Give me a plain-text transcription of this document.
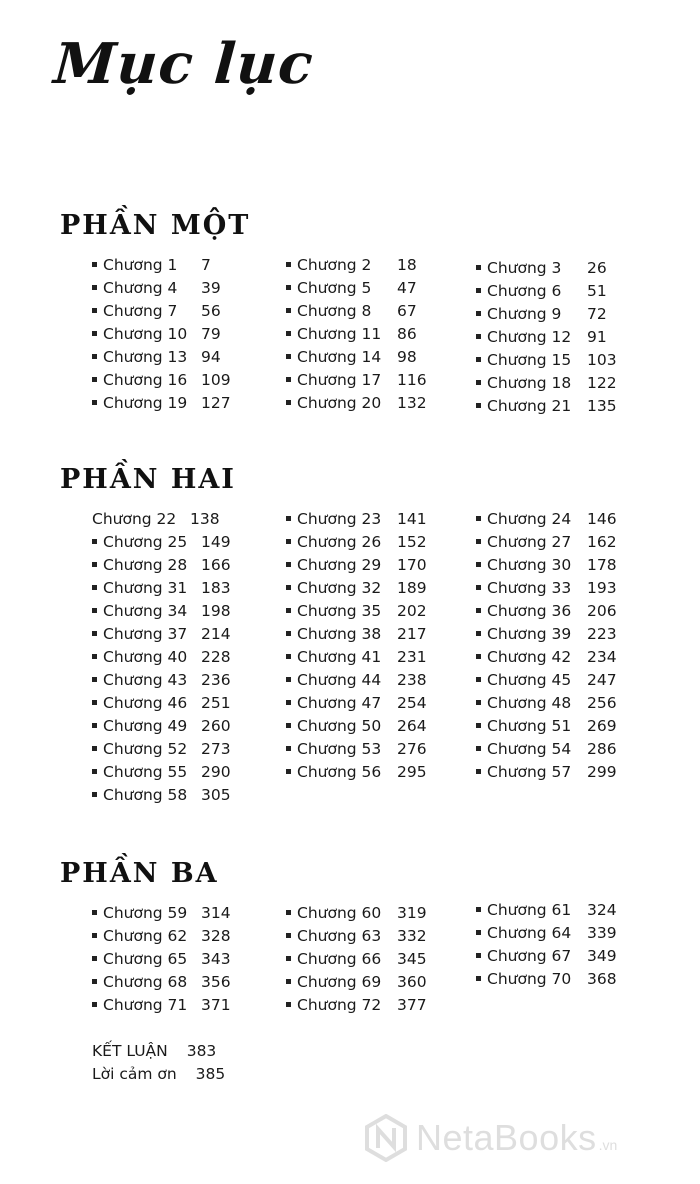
Mục lục
PHẦN MỘT
Chương 1 7
Chương 4 39
Chương 7 56
Chương 10 79
Chương 13 94
Chương 16 109
Chương 19 127
Chương 2 18
Chương 5 47
Chương 8 67
Chương 11 86
Chương 14 98
Chương 17 116
Chương 20 132
Chương 3 26
Chương 6 51
Chương 9 72
Chương 12 91
Chương 15 103
Chương 18 122
Chương 21 135
PHẦN HAI
Chương 22 138
Chương 25 149
Chương 28 166
Chương 31 183
Chương 34 198
Chương 37 214
Chương 40 228
Chương 43 236
Chương 46 251
Chương 49 260
Chương 52 273
Chương 55 290
Chương 58 305
Chương 23 141
Chương 26 152
Chương 29 170
Chương 32 189
Chương 35 202
Chương 38 217
Chương 41 231
Chương 44 238
Chương 47 254
Chương 50 264
Chương 53 276
Chương 56 295
Chương 24 146
Chương 27 162
Chương 30 178
Chương 33 193
Chương 36 206
Chương 39 223
Chương 42 234
Chương 45 247
Chương 48 256
Chương 51 269
Chương 54 286
Chương 57 299
PHẦN BA
Chương 59 314
Chương 62 328
Chương 65 343
Chương 68 356
Chương 71 371
Chương 60 319
Chương 63 332
Chương 66 345
Chương 69 360
Chương 72 377
Chương 61 324
Chương 64 339
Chương 67 349
Chương 70 368
KẾT LUẬN 383
Lời cảm ơn 385
NetaBooks .vn
